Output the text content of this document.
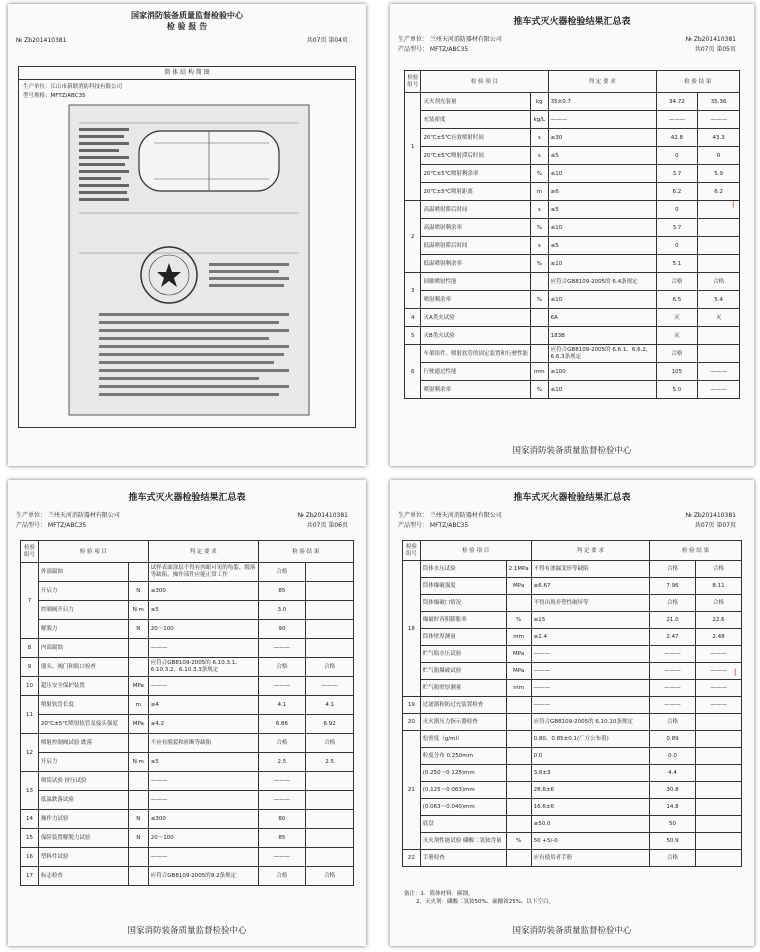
国家消防装备质量监督检验中心
检 验 报 告
№ Zb201410381	共07页 第04页
简 体 结 构 简 图
生产单位：江山市新联消防科技有限公司
型号规格：MFTZ/ABC35
推车式灭火器检验结果汇总表
生产单位： 兰州天河消防器材有限公司	№ Zb201410381
产品型号： MFTZ/ABC35	共07页 第05页
检验组号	检 验 项 目		判 定 要 求	检 验 结 果	
1	灭火剂充装量	kg	35±0.7	34.72	35.36
	充装密度	kg/L	———	———	———
	20℃±5℃有效喷射时间	s	≥30	42.8	43.3
	20℃±5℃喷射滞后时间	s	≤5	0	0
	20℃±5℃喷射剩余率	%	≤10	3.7	5.9
	20℃±5℃喷射距离	m	≥6	6.2	6.2
2	高温喷射滞后时间	s	≤5	0	
	高温喷射剩余率	%	≤10	3.7	
	低温喷射滞后时间	s	≤5	0	
	低温喷射剩余率	%	≤10	5.1	
3	间歇喷射性能		应符合GB8109-2005的 6.4条规定	合格	合格
	喷射剩余率	%	≤10	6.5	5.4
4	灭A类火试验		6A	灭	灭
5	灭B类火试验		183B	灭	
6	车架组件、喷射软管的固定装置和行驶性能		应符合GB8109-2005的 6.6.1、6.6.2、6.6.3条规定	合格	
	行驶通过性能	mm	≥100	105	———
	喷射剩余率	%	≤10	5.0	———
国家消防装备质量监督检验中心
推车式灭火器检验结果汇总表
生产单位： 兰州天河消防器材有限公司	№ Zb201410381
产品型号： MFTZ/ABC35	共07页 第06页
检验组号	检 验 项 目		判 定 要 求	检 验 结 果	
7	外部腐蚀		试样表面涂层不得有肉眼可见的龟裂、脱落等缺陷，操作部件应能正常工作	合格	
	开启力	N	≤300	85	
	控制阀开启力	N·m	≤5	3.0	
	解脱力	N	20～100	90	
8	内部腐蚀		———	———	
9	器头、阀门和瓶口检查		应符合GB8109-2005的 6.10.3.1、6.10.3.2、6.10.3.3条规定	合格	合格
10	超压安全保护装置	MPa	———	———	———
11	喷射软管长度	m	≥4	4.1	4.1
	20℃±5℃喷射软管及接头强度	MPa	≥4.2	6.86	6.92
12	喷射控制阀试验 跌落		不应有脱裂和折断等缺陷	合格	合格
	开启力	N·m	≤5	2.5	2.5
13	喷筒试验 挤压试验		———	———	
	低温跌落试验		———	———	
14	操作力试验	N	≤300	80	
15	保险装置解脱力试验	N	20～100	85	
16	塑料件试验		———	———	
17	标志检查		应符合GB8109-2005的9.2条规定	合格	合格
国家消防装备质量监督检验中心
推车式灭火器检验结果汇总表
生产单位： 兰州天河消防器材有限公司	№ Zb201410381
产品型号： MFTZ/ABC35	共07页 第07页
检验组号	检 验 项 目		判 定 要 求	检 验 结 果	
18	筒体水压试验	2.1MPa	不得有渗漏变形等缺陷	合格	合格
	筒体爆破强度	MPa	≥6.67	7.96	8.11
	筒体爆破口情况		不得出现非塑性破坏等	合格	合格
	爆破时容积膨胀率	%	≥15	21.0	22.6
	筒体壁厚测量	mm	≥2.4	2.47	2.48
	贮气瓶水压试验	MPa	———	———	———
	贮气瓶爆破试验	MPa	———	———	———
	贮气瓶壁厚测量	mm	———	———	———
19	过滤器和防过充装置检查		———	———	———
20	灭火器压力指示器检查		应符合GB8109-2005的 6.10.10条规定	合格	
21	松密度（g/ml）		0.80、0.85±0.1(厂方公布值)	0.89	
	粒度分布 0.250mm		0.0	0.0	
	(0.250～0.125)mm		3.6±3	4.4	
	(0.125～0.063)mm		28.6±6	30.8	
	(0.063～0.040)mm		16.6±6	14.8	
	底盘		≥50.0	50	
	灭火剂性能试验 磷酸二氢铵含量	%	50 +5/-0	50.9	
22	手册检查		应有使用者手册	合格	
备注：1．简体材料：碳钢。
2．灭火剂：磷酸二氢铵50%、硫酸铵25%、以下空白。
国家消防装备质量监督检验中心
|
|
